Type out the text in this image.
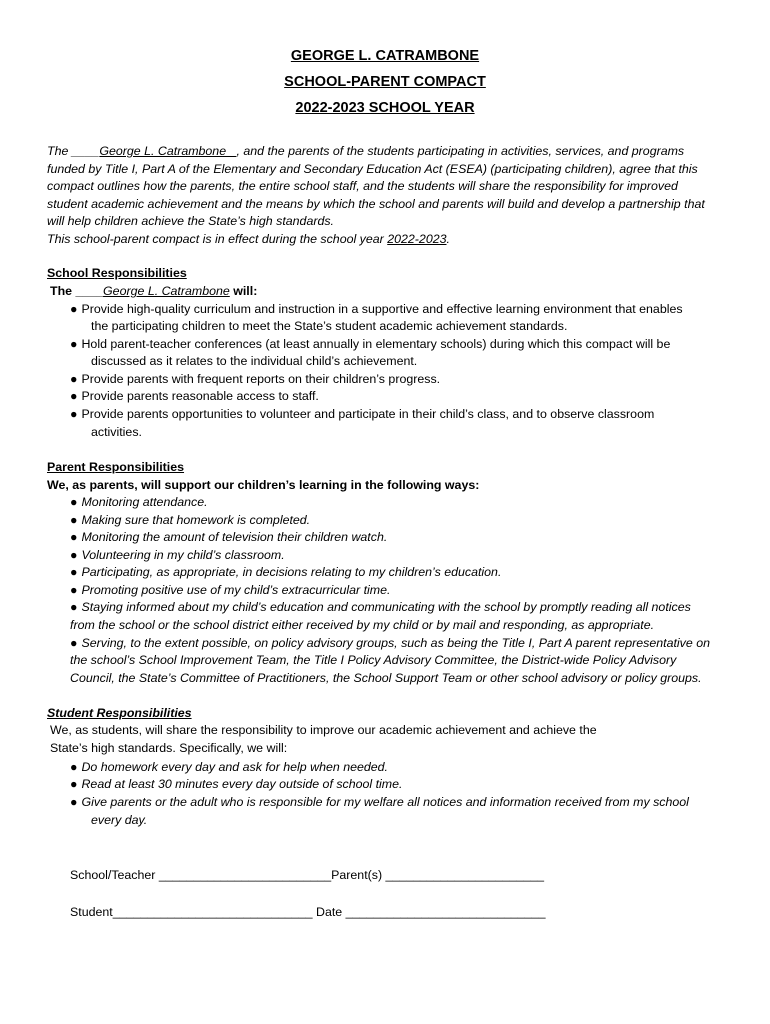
GEORGE L. CATRAMBONE
SCHOOL-PARENT COMPACT
2022-2023 SCHOOL YEAR
The ____George L. Catrambone_ , and the parents of the students participating in activities, services, and programs
funded by Title I, Part A of the Elementary and Secondary Education Act (ESEA) (participating children), agree that this
compact outlines how the parents, the entire school staff, and the students will share the responsibility for improved
student academic achievement and the means by which the school and parents will build and develop a partnership that
will help children achieve the State’s high standards.
This school-parent compact is in effect during the school year 2022-2023.
School Responsibilities
The ____George L. Catrambone will:
● Provide high-quality curriculum and instruction in a supportive and effective learning environment that enables
the participating children to meet the State’s student academic achievement standards.
● Hold parent-teacher conferences (at least annually in elementary schools) during which this compact will be
discussed as it relates to the individual child’s achievement.
● Provide parents with frequent reports on their children’s progress.
● Provide parents reasonable access to staff.
● Provide parents opportunities to volunteer and participate in their child’s class, and to observe classroom
activities.
Parent Responsibilities
We, as parents, will support our children’s learning in the following ways:
● Monitoring attendance.
● Making sure that homework is completed.
● Monitoring the amount of television their children watch.
● Volunteering in my child’s classroom.
● Participating, as appropriate, in decisions relating to my children’s education.
● Promoting positive use of my child’s extracurricular time.
● Staying informed about my child’s education and communicating with the school by promptly reading all notices
from the school or the school district either received by my child or by mail and responding, as appropriate.
● Serving, to the extent possible, on policy advisory groups, such as being the Title I, Part A parent representative on
the school’s School Improvement Team, the Title I Policy Advisory Committee, the District-wide Policy Advisory
Council, the State’s Committee of Practitioners, the School Support Team or other school advisory or policy groups.
Student Responsibilities
We, as students, will share the responsibility to improve our academic achievement and achieve the
State’s high standards. Specifically, we will:
● Do homework every day and ask for help when needed.
● Read at least 30 minutes every day outside of school time.
● Give parents or the adult who is responsible for my welfare all notices and information received from my school
every day.
School/Teacher _________________________Parent(s) _______________________
Student_____________________________ Date _____________________________
